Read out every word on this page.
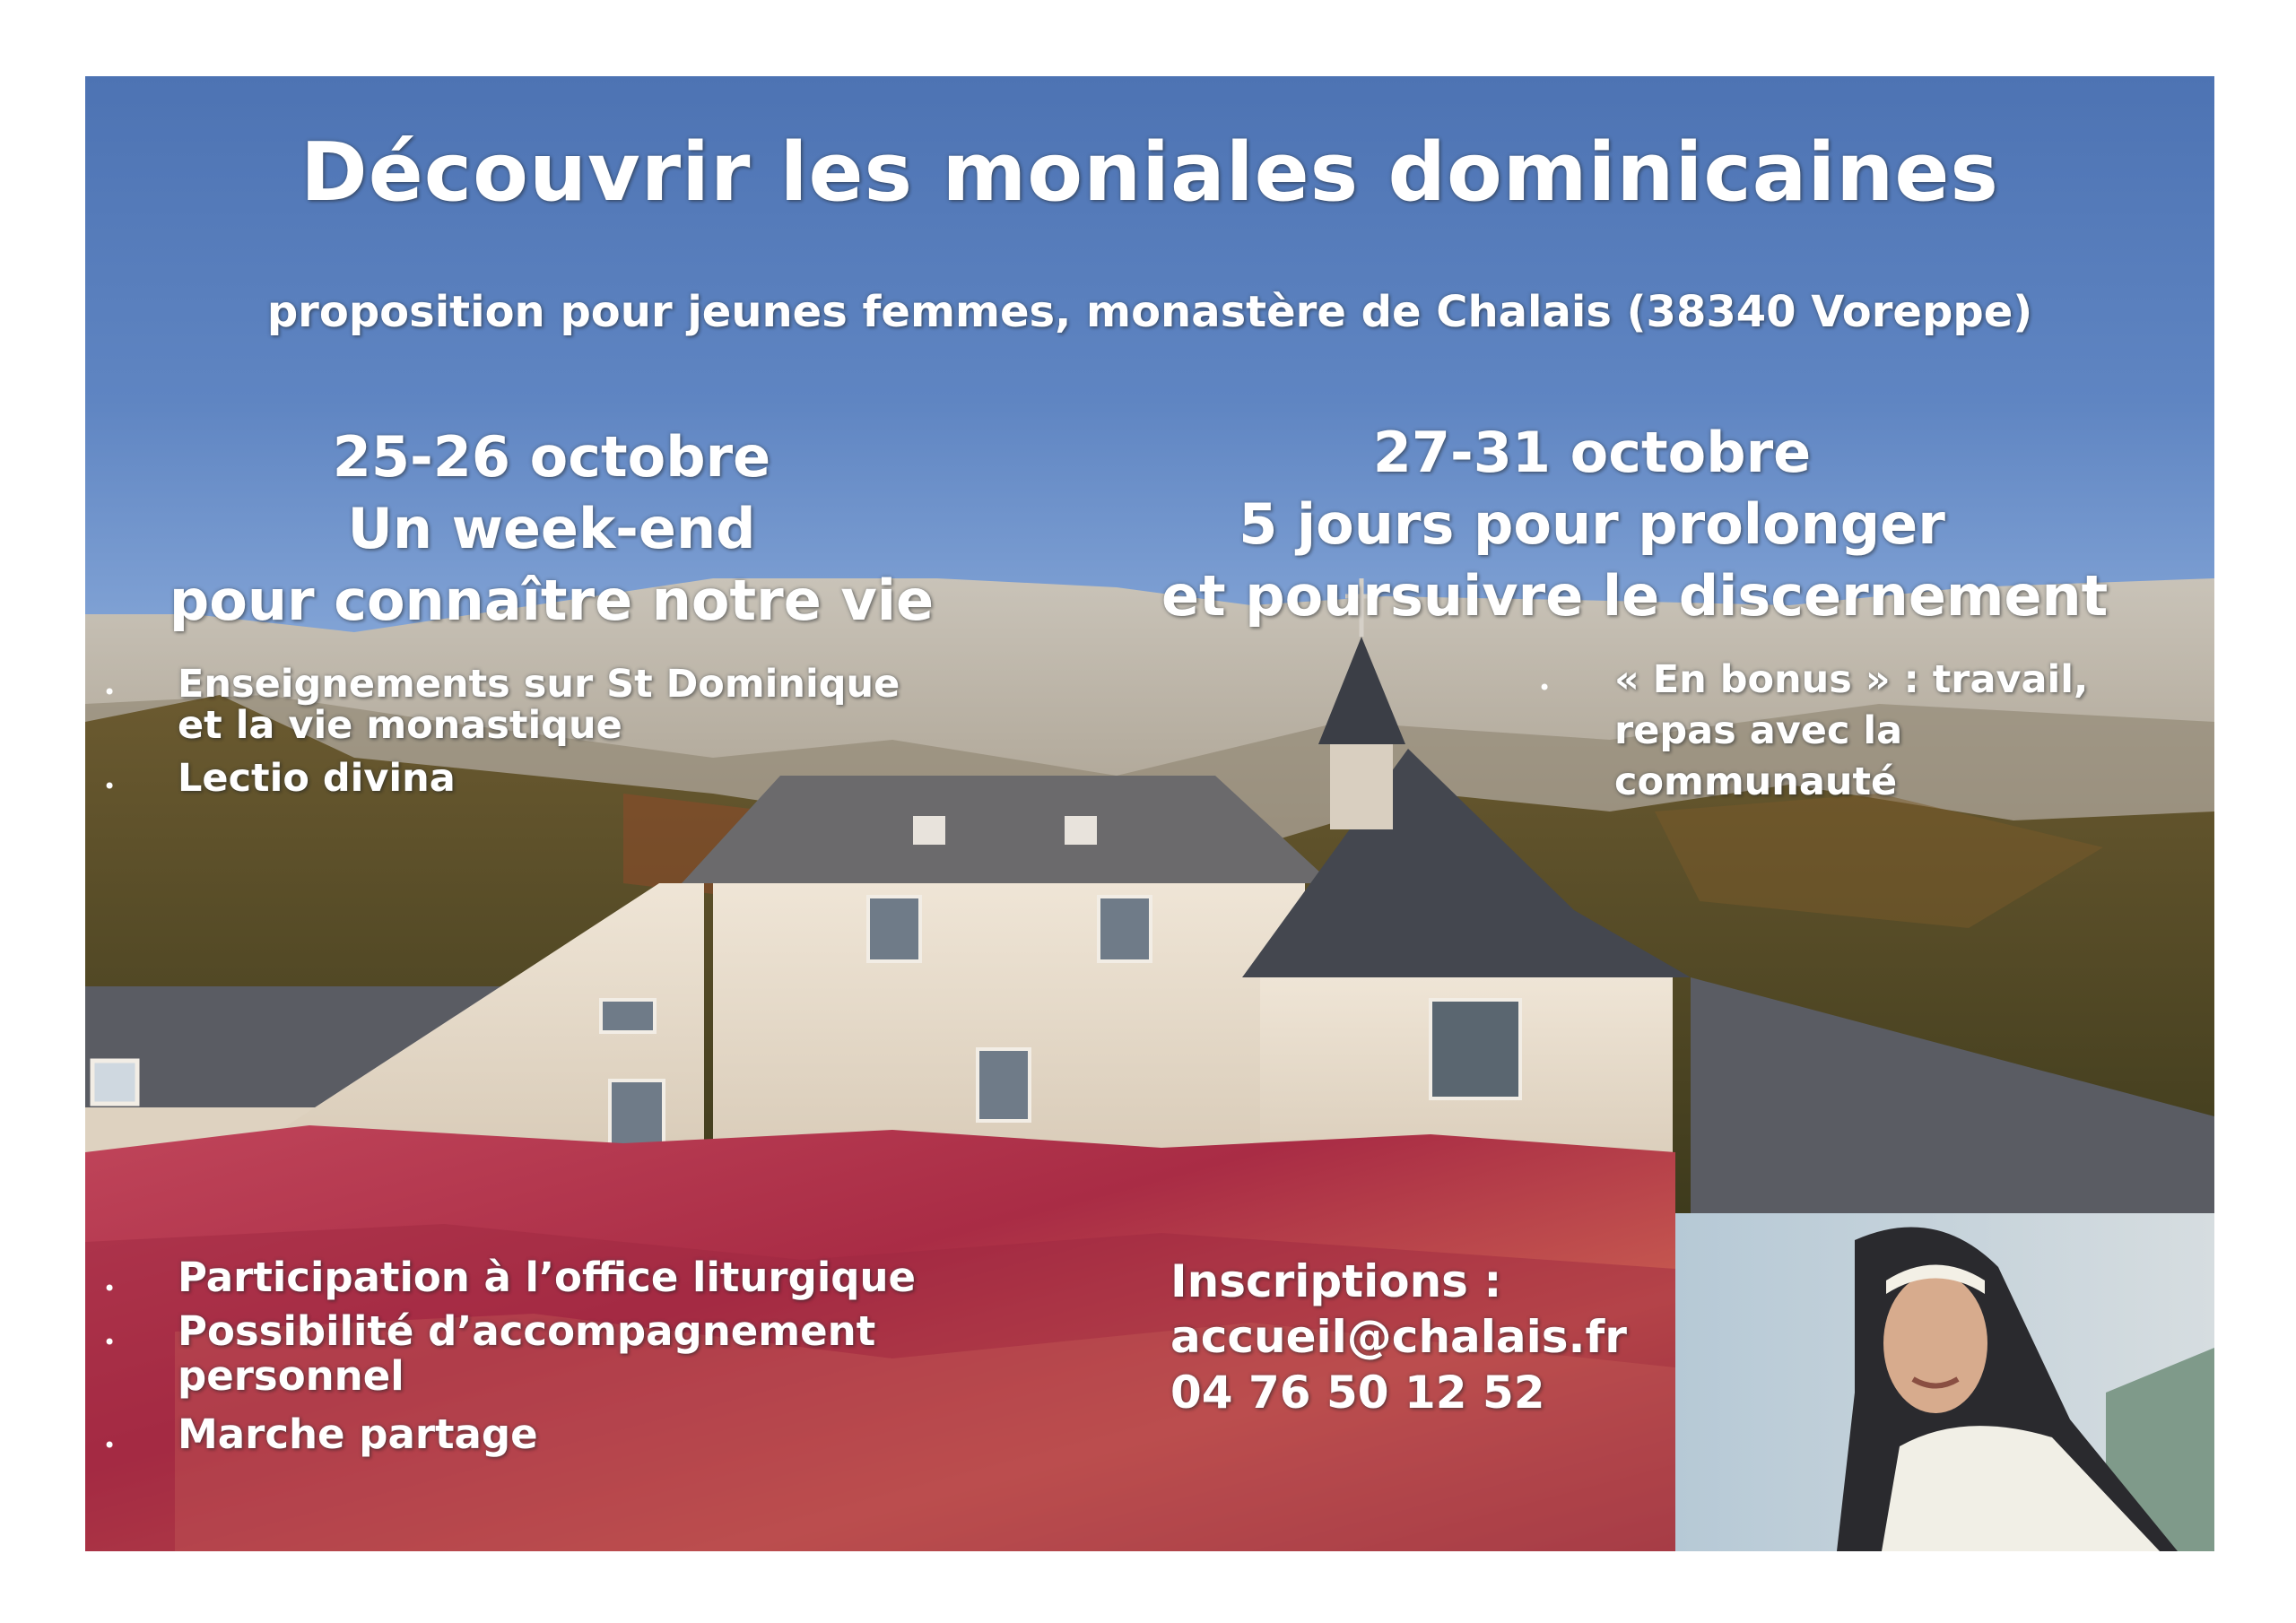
Découvrir les moniales dominicaines
proposition pour jeunes femmes, monastère de Chalais (38340 Voreppe)
25-26 octobre
Un week-end
pour connaître notre vie
27-31 octobre
5 jours pour prolonger
et poursuivre le discernement
• Enseignements sur St Dominique
et la vie monastique
• Lectio divina
• « En bonus » : travail,
repas avec la
communauté
• Participation à l’office liturgique
• Possibilité d’accompagnement
personnel
• Marche partage
Inscriptions :
accueil@chalais.fr
04 76 50 12 52
